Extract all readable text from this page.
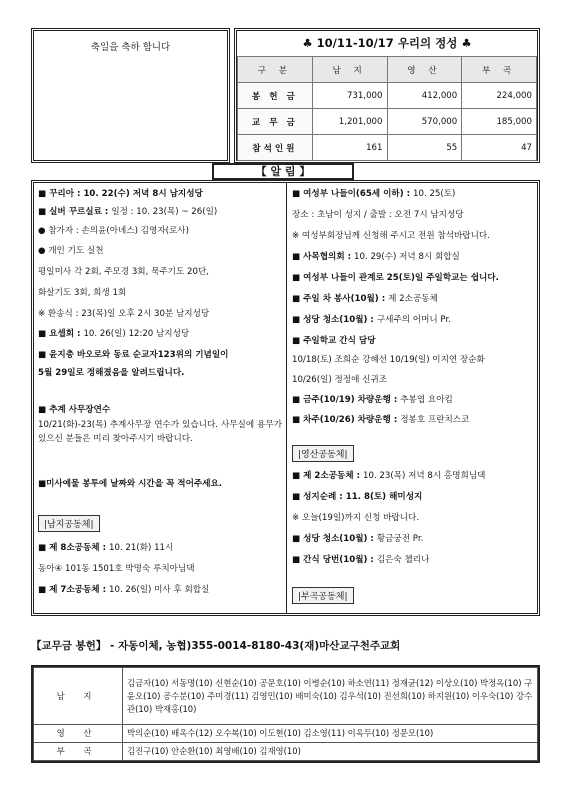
축일을 축하 합니다	♣ 10/11-10/17 우리의 정성 ♣
구 분	남 지	영 산	부 곡
봉 헌 금	731,000	412,000	224,000
교 무 금	1,201,000	570,000	185,000
참석인원	161	55	47
■ 꾸리아 : 10. 22(수) 저녁 8시 남지성당
■ 실버 꾸르실료 : 일정 : 10. 23(목) ~ 26(일)
● 참가자 : 손의윤(아녜스) 김영자(로사)
● 개인 기도 실천
평일미사 각 2회, 주모경 3회, 묵주기도 20단,
화살기도 3회, 희생 1회
※ 환송식 : 23(목)일 오후 2시 30분 남지성당
■ 요셉회 : 10. 26(일) 12:20 남지성당
■ 윤지충 바오로와 동료 순교자123위의 기념일이
5월 29일로 정해졌음을 알려드립니다.
■ 추계 사무장연수
10/21(화)-23(목) 추계사무장 연수가 있습니다. 사무실에 용무가 있으신 분들은 미리 찾아주시기 바랍니다.
■미사예물 봉투에 날짜와 시간을 꼭 적어주세요.
|남지공동체|
■ 제 8소공동체 : 10. 21(화) 11시
동아④ 101동 1501호 박명숙 루치아님댁
■ 제 7소공동체 : 10. 26(일) 미사 후 회합실
■ 여성부 나들이(65세 이하) : 10. 25(토)
장소 : 초남이 성지 / 출발 : 오전 7시 남지성당
※ 여성부회장님께 신청해 주시고 전원 참석바랍니다.
■ 사목협의회 : 10. 29(수) 저녁 8시 회합실
■ 여성부 나들이 관계로 25(토)일 주일학교는 쉽니다.
■ 주일 차 봉사(10월) : 제 2소공동체
■ 성당 청소(10월) : 구세주의 어머니 Pr.
■ 주일학교 간식 담당
10/18(토) 조희순 강혜선 10/19(일) 이지연 장순화
10/26(일) 정정애 신귀조
■ 금주(10/19) 차량운행 : 추봉엽 요아킴
■ 차주(10/26) 차량운행 : 정봉호 프란치스코
|영산공동체|
■ 제 2소공동체 : 10. 23(목) 저녁 8시 홍명희님댁
■ 성지순례 : 11. 8(토) 해미성지
※ 오늘(19일)까지 신청 바랍니다.
■ 성당 청소(10월) : 황금궁전 Pr.
■ 간식 당번(10월) : 김은숙 첼리나
|부곡공동체|
【 알 림 】
【교무금 봉헌】 - 자동이체, 농협)355-0014-8180-43(재)마산교구천주교회
남 지	김금자(10) 서동명(10) 신현순(10) 공문호(10) 이병순(10) 하소연(11) 정재균(12) 이상오(10) 박정옥(10) 구윤오(10) 공수분(10) 주미경(11) 김영민(10) 배미숙(10) 김우석(10) 진선희(10) 하지원(10) 이우숙(10) 강수관(10) 박재홍(10)
영 산	박의순(10) 배옥수(12) 오수복(10) 이도현(10) 김소영(11) 이옥두(10) 정문모(10)
부 곡	김진구(10) 안순환(10) 최영배(10) 김재영(10)
